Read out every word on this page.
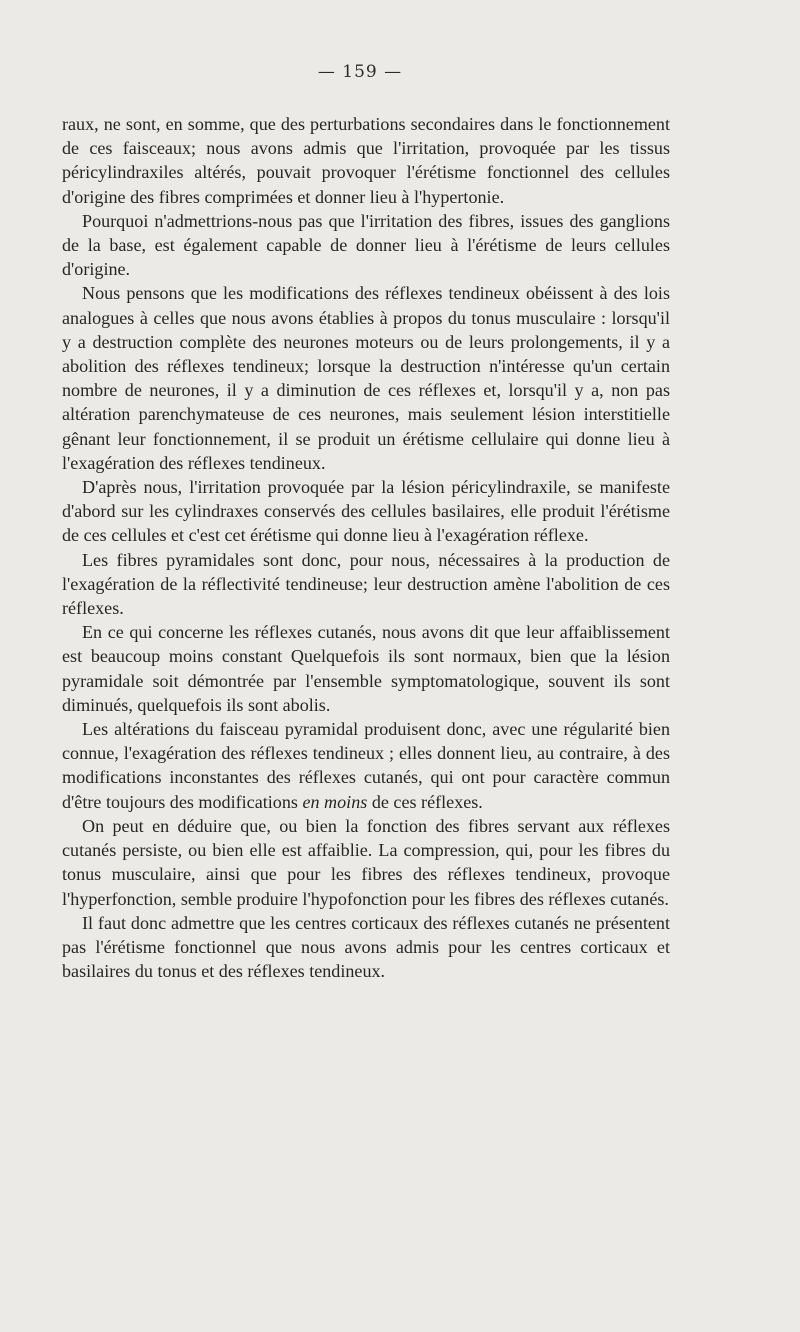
— 159 —

raux, ne sont, en somme, que des perturbations secondaires dans le fonctionnement de ces faisceaux; nous avons admis que l'irritation, provoquée par les tissus péricylindraxiles altérés, pouvait provoquer l'érétisme fonctionnel des cellules d'origine des fibres comprimées et donner lieu à l'hypertonie.

Pourquoi n'admettrions-nous pas que l'irritation des fibres, issues des ganglions de la base, est également capable de donner lieu à l'érétisme de leurs cellules d'origine.

Nous pensons que les modifications des réflexes tendineux obéissent à des lois analogues à celles que nous avons établies à propos du tonus musculaire : lorsqu'il y a destruction complète des neurones moteurs ou de leurs prolongements, il y a abolition des réflexes tendineux; lorsque la destruction n'intéresse qu'un certain nombre de neurones, il y a diminution de ces réflexes et, lorsqu'il y a, non pas altération parenchymateuse de ces neurones, mais seulement lésion interstitielle gênant leur fonctionnement, il se produit un érétisme cellulaire qui donne lieu à l'exagération des réflexes tendineux.

D'après nous, l'irritation provoquée par la lésion péricylindraxile, se manifeste d'abord sur les cylindraxes conservés des cellules basilaires, elle produit l'érétisme de ces cellules et c'est cet érétisme qui donne lieu à l'exagération réflexe.

Les fibres pyramidales sont donc, pour nous, nécessaires à la production de l'exagération de la réflectivité tendineuse; leur destruction amène l'abolition de ces réflexes.

En ce qui concerne les réflexes cutanés, nous avons dit que leur affaiblissement est beaucoup moins constant Quelquefois ils sont normaux, bien que la lésion pyramidale soit démontrée par l'ensemble symptomatologique, souvent ils sont diminués, quelquefois ils sont abolis.

Les altérations du faisceau pyramidal produisent donc, avec une régularité bien connue, l'exagération des réflexes tendineux ; elles donnent lieu, au contraire, à des modifications inconstantes des réflexes cutanés, qui ont pour caractère commun d'être toujours des modifications en moins de ces réflexes.

On peut en déduire que, ou bien la fonction des fibres servant aux réflexes cutanés persiste, ou bien elle est affaiblie. La compression, qui, pour les fibres du tonus musculaire, ainsi que pour les fibres des réflexes tendineux, provoque l'hyperfonction, semble produire l'hypofonction pour les fibres des réflexes cutanés.

Il faut donc admettre que les centres corticaux des réflexes cutanés ne présentent pas l'érétisme fonctionnel que nous avons admis pour les centres corticaux et basilaires du tonus et des réflexes tendineux.
